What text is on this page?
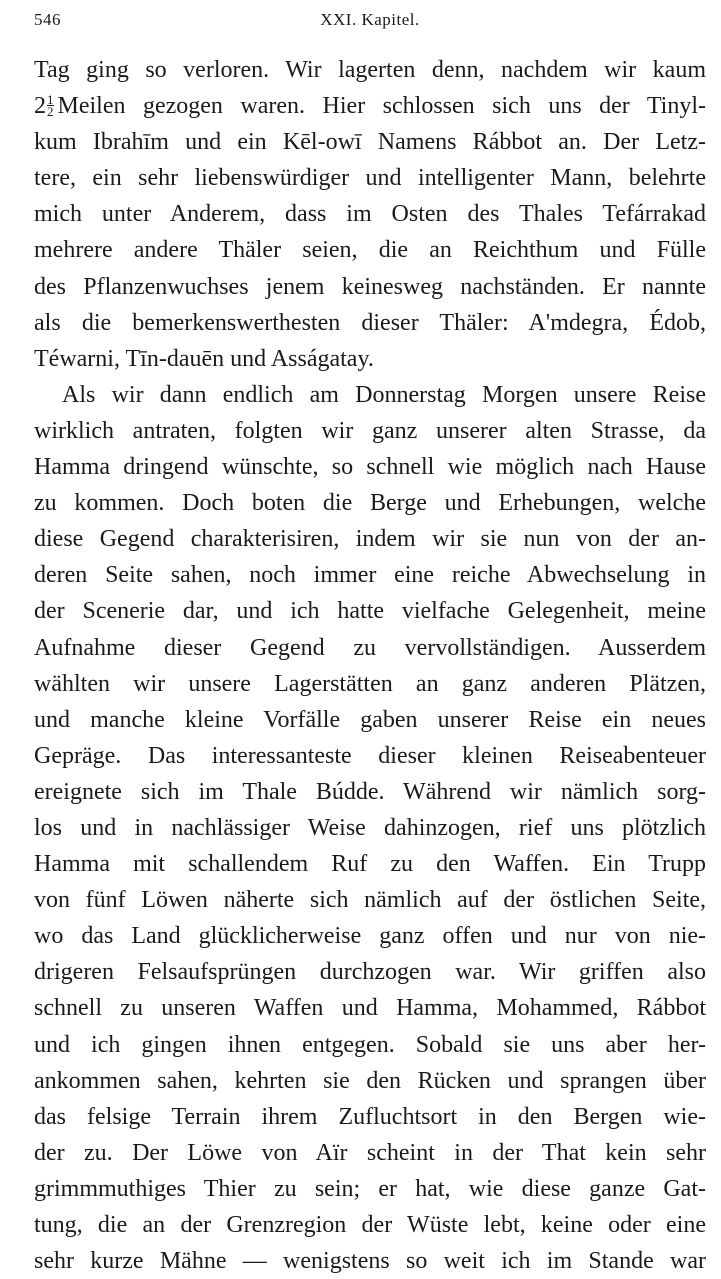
546	XXI. Kapitel.
Tag ging so verloren. Wir lagerten denn, nachdem wir kaum
$2 \frac{1}{2}$ Meilen gezogen waren. Hier schlossen sich uns der Tinyl-
kum Ibrahīm und ein Kēl-owī Namens Rábbot an. Der Letz-
tere, ein sehr liebenswürdiger und intelligenter Mann, belehrte
mich unter Anderem, dass im Osten des Thales Tefárrakad
mehrere andere Thäler seien, die an Reichthum und Fülle
des Pflanzenwuchses jenem keinesweg nachständen. Er nannte
als die bemerkenswerthesten dieser Thäler: A'mdegra, Édob,
Téwarni, Tīn-dauēn und Asságatay.
Als wir dann endlich am Donnerstag Morgen unsere Reise
wirklich antraten, folgten wir ganz unserer alten Strasse, da
Hamma dringend wünschte, so schnell wie möglich nach Hause
zu kommen. Doch boten die Berge und Erhebungen, welche
diese Gegend charakterisiren, indem wir sie nun von der an-
deren Seite sahen, noch immer eine reiche Abwechselung in
der Scenerie dar, und ich hatte vielfache Gelegenheit, meine
Aufnahme dieser Gegend zu vervollständigen. Ausserdem
wählten wir unsere Lagerstätten an ganz anderen Plätzen,
und manche kleine Vorfälle gaben unserer Reise ein neues
Gepräge. Das interessanteste dieser kleinen Reiseabenteuer
ereignete sich im Thale Búdde. Während wir nämlich sorg-
los und in nachlässiger Weise dahinzogen, rief uns plötzlich
Hamma mit schallendem Ruf zu den Waffen. Ein Trupp
von fünf Löwen näherte sich nämlich auf der östlichen Seite,
wo das Land glücklicherweise ganz offen und nur von nie-
drigeren Felsaufsprüngen durchzogen war. Wir griffen also
schnell zu unseren Waffen und Hamma, Mohammed, Rábbot
und ich gingen ihnen entgegen. Sobald sie uns aber her-
ankommen sahen, kehrten sie den Rücken und sprangen über
das felsige Terrain ihrem Zufluchtsort in den Bergen wie-
der zu. Der Löwe von Aïr scheint in der That kein sehr
grimmmuthiges Thier zu sein; er hat, wie diese ganze Gat-
tung, die an der Grenzregion der Wüste lebt, keine oder eine
sehr kurze Mähne — wenigstens so weit ich im Stande war
